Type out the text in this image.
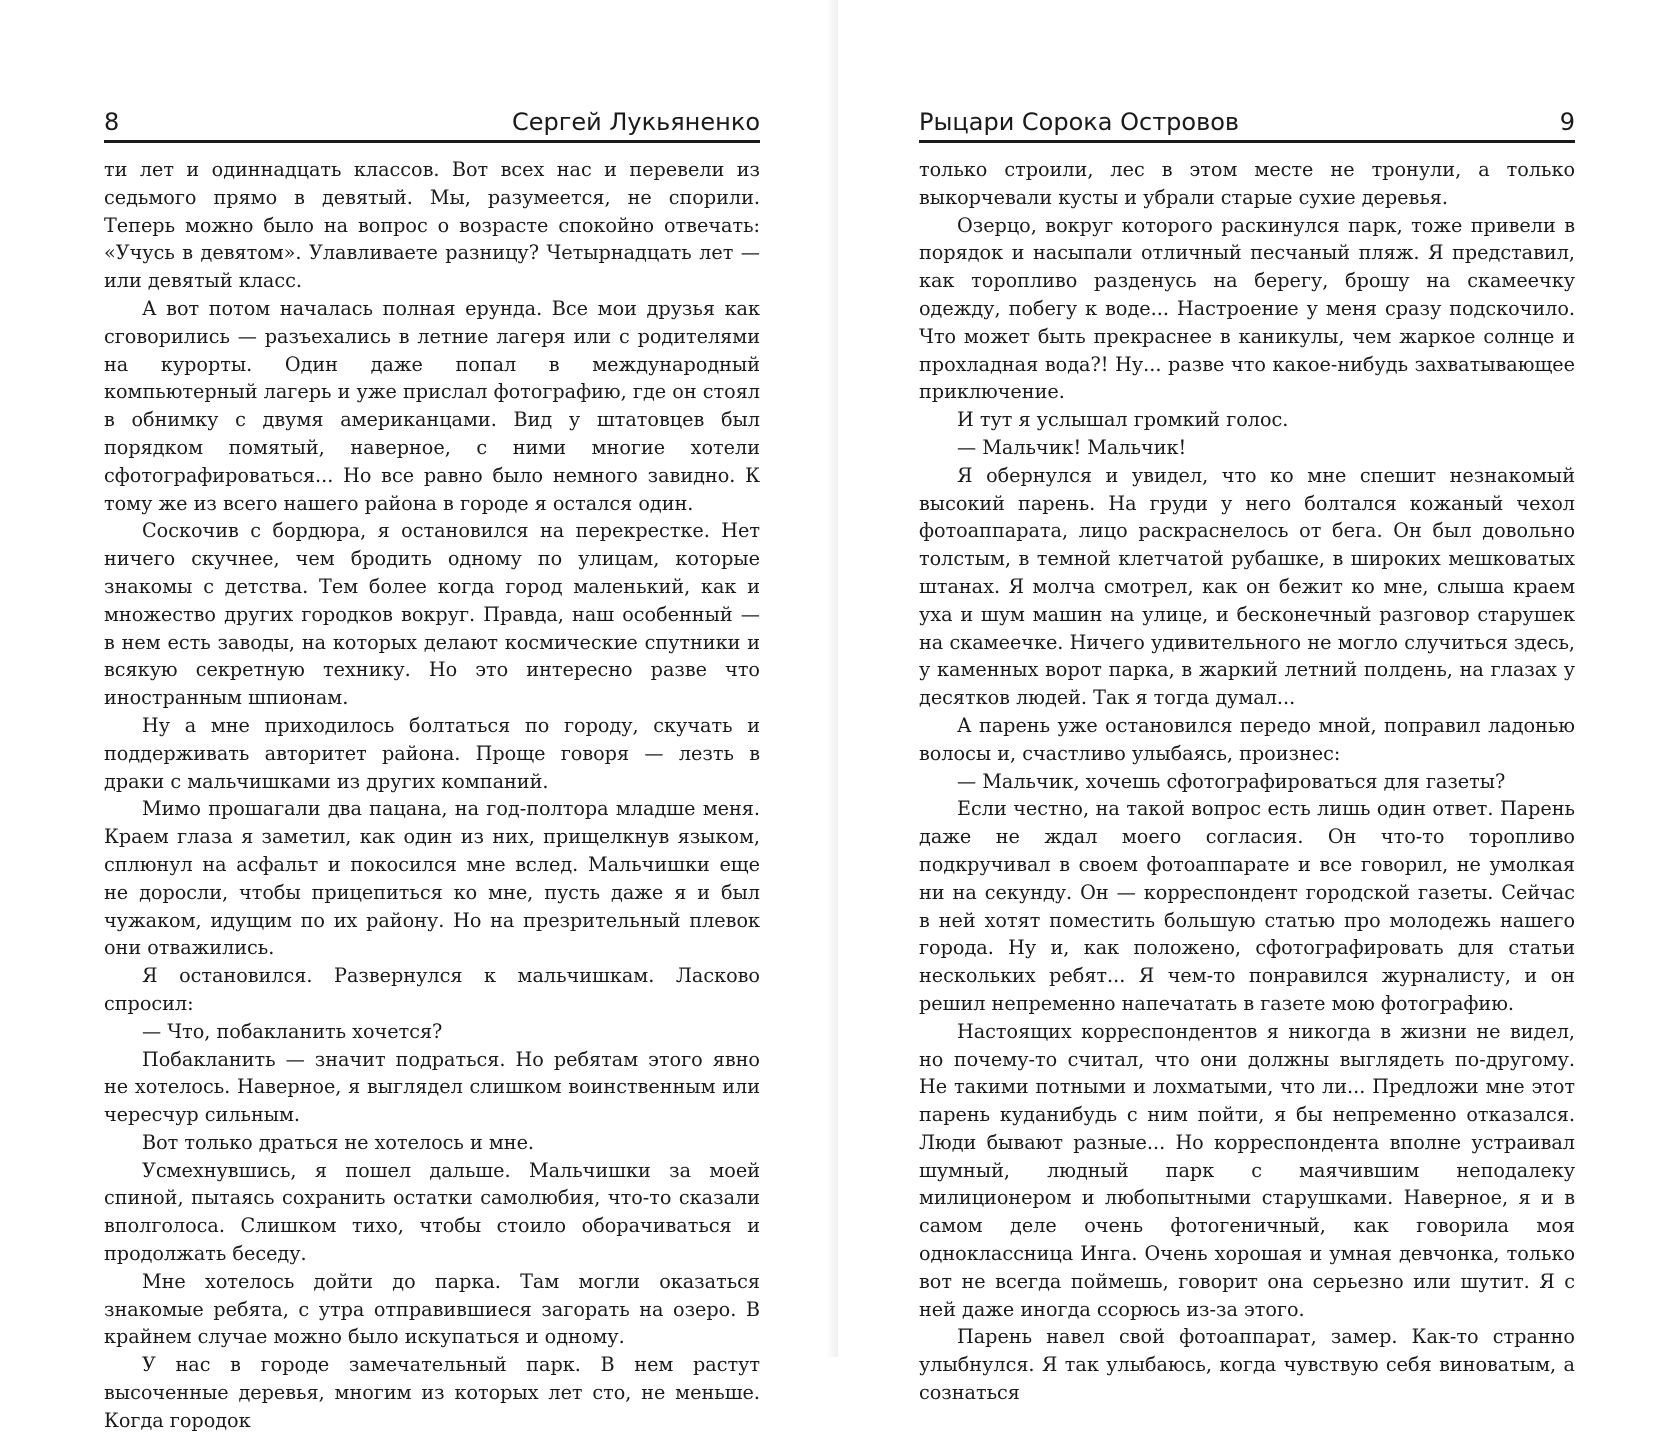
8	Сергей Лукьяненко

ти лет и одиннадцать классов. Вот всех нас и перевели из седьмого прямо в девятый. Мы, разумеется, не спорили. Теперь можно было на вопрос о возрасте спокойно отвечать: «Учусь в девятом». Улавливаете разницу? Четырнадцать лет — или девятый класс.

А вот потом началась полная ерунда. Все мои друзья как сговорились — разъехались в летние лагеря или с родителями на курорты. Один даже попал в международный компьютерный лагерь и уже прислал фотографию, где он стоял в обнимку с двумя американцами. Вид у штатовцев был порядком помятый, наверное, с ними многие хотели сфотографироваться... Но все равно было немного завидно. К тому же из всего нашего района в городе я остался один.

Соскочив с бордюра, я остановился на перекрестке. Нет ничего скучнее, чем бродить одному по улицам, которые знакомы с детства. Тем более когда город маленький, как и множество других городков вокруг. Правда, наш особенный — в нем есть заводы, на которых делают космические спутники и всякую секретную технику. Но это интересно разве что иностранным шпионам.

Ну а мне приходилось болтаться по городу, скучать и поддерживать авторитет района. Проще говоря — лезть в драки с мальчишками из других компаний.

Мимо прошагали два пацана, на год-полтора младше меня. Краем глаза я заметил, как один из них, прищелкнув языком, сплюнул на асфальт и покосился мне вслед. Мальчишки еще не доросли, чтобы прицепиться ко мне, пусть даже я и был чужаком, идущим по их району. Но на презрительный плевок они отважились.

Я остановился. Развернулся к мальчишкам. Ласково спросил:

— Что, побакланить хочется?

Побакланить — значит подраться. Но ребятам этого явно не хотелось. Наверное, я выглядел слишком воинственным или чересчур сильным.

Вот только драться не хотелось и мне.

Усмехнувшись, я пошел дальше. Мальчишки за моей спиной, пытаясь сохранить остатки самолюбия, что-то сказали вполголоса. Слишком тихо, чтобы стоило оборачиваться и продолжать беседу.

Мне хотелось дойти до парка. Там могли оказаться знакомые ребята, с утра отправившиеся загорать на озеро. В крайнем случае можно было искупаться и одному.

У нас в городе замечательный парк. В нем растут высоченные деревья, многим из которых лет сто, не меньше. Когда городок

Рыцари Сорока Островов	9

только строили, лес в этом месте не тронули, а только выкорчевали кусты и убрали старые сухие деревья.

Озерцо, вокруг которого раскинулся парк, тоже привели в порядок и насыпали отличный песчаный пляж. Я представил, как торопливо разденусь на берегу, брошу на скамеечку одежду, побегу к воде... Настроение у меня сразу подскочило. Что может быть прекраснее в каникулы, чем жаркое солнце и прохладная вода?! Ну... разве что какое-нибудь захватывающее приключение.

И тут я услышал громкий голос.

— Мальчик! Мальчик!

Я обернулся и увидел, что ко мне спешит незнакомый высокий парень. На груди у него болтался кожаный чехол фотоаппарата, лицо раскраснелось от бега. Он был довольно толстым, в темной клетчатой рубашке, в широких мешковатых штанах. Я молча смотрел, как он бежит ко мне, слыша краем уха и шум машин на улице, и бесконечный разговор старушек на скамеечке. Ничего удивительного не могло случиться здесь, у каменных ворот парка, в жаркий летний полдень, на глазах у десятков людей. Так я тогда думал...

А парень уже остановился передо мной, поправил ладонью волосы и, счастливо улыбаясь, произнес:

— Мальчик, хочешь сфотографироваться для газеты?

Если честно, на такой вопрос есть лишь один ответ. Парень даже не ждал моего согласия. Он что-то торопливо подкручивал в своем фотоаппарате и все говорил, не умолкая ни на секунду. Он — корреспондент городской газеты. Сейчас в ней хотят поместить большую статью про молодежь нашего города. Ну и, как положено, сфотографировать для статьи нескольких ребят... Я чем-то понравился журналисту, и он решил непременно напечатать в газете мою фотографию.

Настоящих корреспондентов я никогда в жизни не видел, но почему-то считал, что они должны выглядеть по-другому. Не такими потными и лохматыми, что ли... Предложи мне этот парень куданибудь с ним пойти, я бы непременно отказался. Люди бывают разные... Но корреспондента вполне устраивал шумный, людный парк с маячившим неподалеку милиционером и любопытными старушками. Наверное, я и в самом деле очень фотогеничный, как говорила моя одноклассница Инга. Очень хорошая и умная девчонка, только вот не всегда поймешь, говорит она серьезно или шутит. Я с ней даже иногда ссорюсь из-за этого.

Парень навел свой фотоаппарат, замер. Как-то странно улыбнулся. Я так улыбаюсь, когда чувствую себя виноватым, а сознаться
